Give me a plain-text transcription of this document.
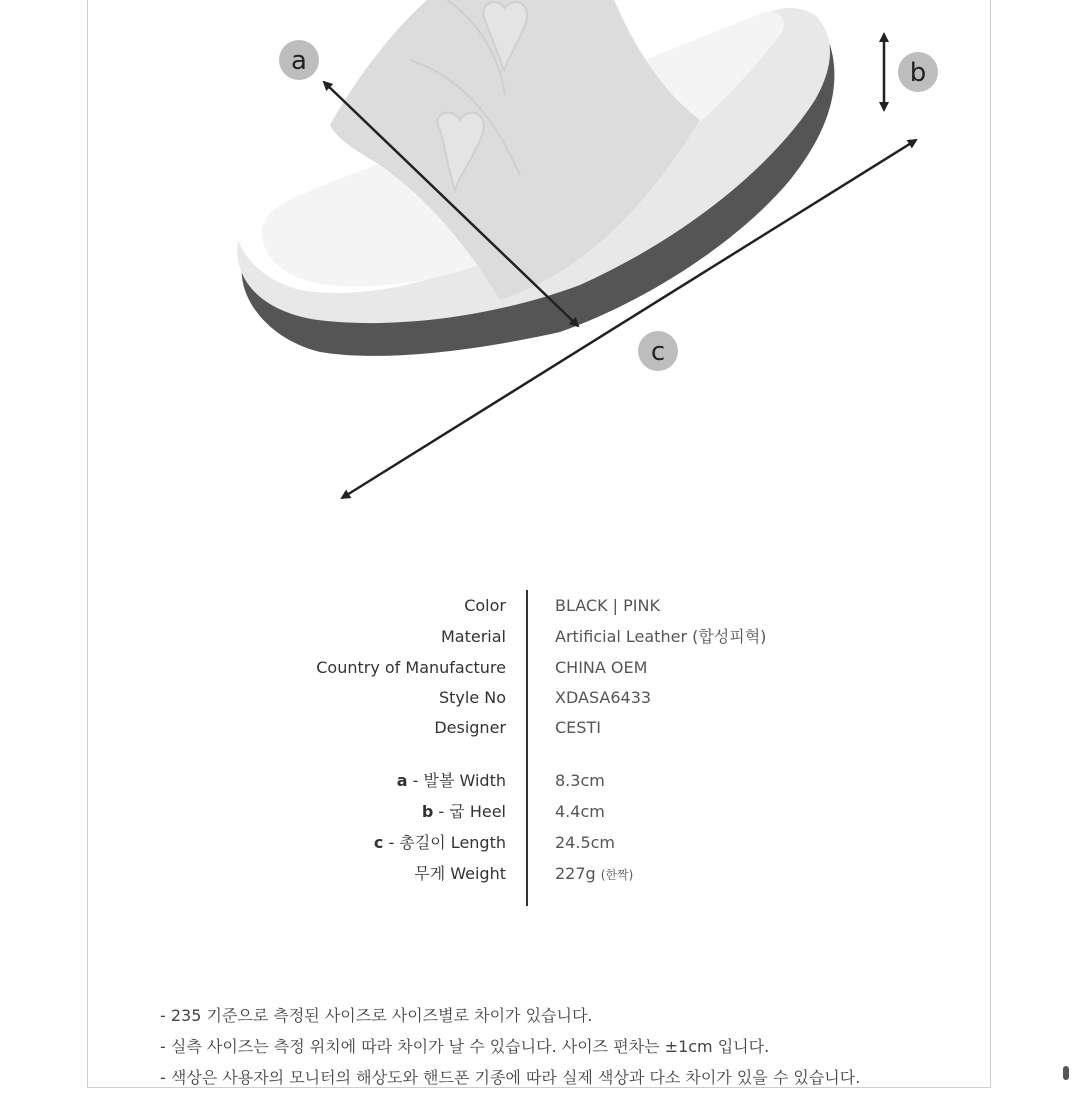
a	b
c
Color	BLACK | PINK
Material	Artificial Leather (합성피혁)
Country of Manufacture	CHINA OEM
Style No	XDASA6433
Designer	CESTI
a - 발볼 Width	8.3cm
b - 굽 Heel	4.4cm
c - 총길이 Length	24.5cm
무게 Weight	227g (한짝)
- 235 기준으로 측정된 사이즈로 사이즈별로 차이가 있습니다.
- 실측 사이즈는 측정 위치에 따라 차이가 날 수 있습니다. 사이즈 편차는 ±1cm 입니다.
- 색상은 사용자의 모니터의 해상도와 핸드폰 기종에 따라 실제 색상과 다소 차이가 있을 수 있습니다.
